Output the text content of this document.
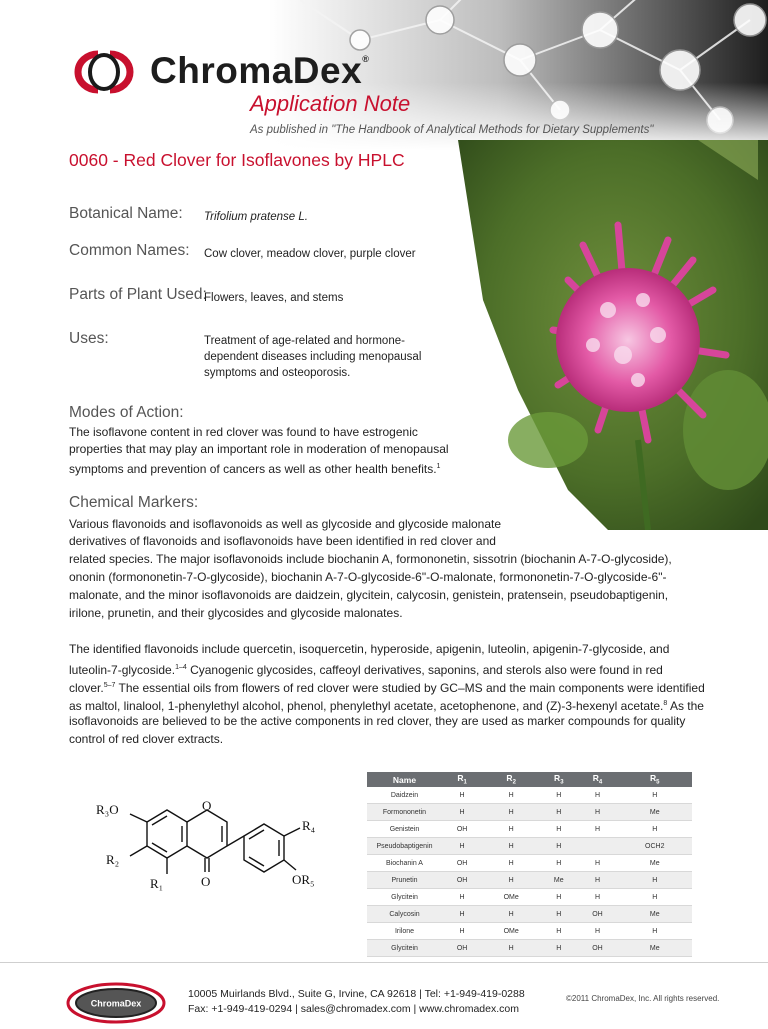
ChromaDex®
Application Note
As published in "The Handbook of Analytical Methods for Dietary Supplements"
0060 - Red Clover for Isoflavones by HPLC
Botanical Name: Trifolium pratense L.
Common Names: Cow clover, meadow clover, purple clover
Parts of Plant Used:
Flowers, leaves, and stems
Uses:	Treatment of age-related and hormone-dependent diseases including menopausal symptoms and osteoporosis.
Modes of Action:
The isoflavone content in red clover was found to have estrogenic
properties that may play an important role in moderation of menopausal
symptoms and prevention of cancers as well as other health benefits.$^1$
Chemical Markers:
Various flavonoids and isoflavonoids as well as glycoside and glycoside malonate
derivatives of flavonoids and isoflavonoids have been identified in red clover and
related species. The major isoflavonoids include biochanin A, formononetin, sissotrin (biochanin A-7-O-glycoside),
ononin (formononetin-7-O-glycoside), biochanin A-7-O-glycoside-6"-O-malonate, formononetin-7-O-glycoside-6"-
malonate, and the minor isoflavonoids are daidzein, glycitein, calycosin, genistein, pratensein, pseudobaptigenin,
irilone, prunetin, and their glycosides and glycoside malonates.
The identified flavonoids include quercetin, isoquercetin, hyperoside, apigenin, luteolin, apigenin-7-glycoside, and
luteolin-7-glycoside.$^{1-4}$ Cyanogenic glycosides, caffeoyl derivatives, saponins, and sterols also were found in red
clover.$^{5-7}$ The essential oils from flowers of red clover were studied by GC–MS and the main components were identified
as maltol, linalool, 1-phenylethyl alcohol, phenol, phenylethyl acetate, acetophenone, and (Z)-3-hexenyl acetate.$^8$ As the
isoflavonoids are believed to be the active components in red clover, they are used as marker compounds for quality
control of red clover extracts.
R₃O
R₂
R₁	O
O
R₄
OR₅
Name	$R_1$	$R_2$	$R_3$	$R_4$	$R_5$
Daidzein	H	H	H	H	H
Formononetin	H	H	H	H	Me
Genistein	OH	H	H	H	H
Pseudobaptigenin	H	H	H		OCH2
Biochanin A	OH	H	H	H	Me
Prunetin	OH	H	Me	H	H
Glycitein	H	OMe	H	H	H
Calycosin	H	H	H	OH	Me
Irilone	H	OMe	H	H	H
Glycitein	OH	H	H	OH	Me
ChromaDex
10005 Muirlands Blvd., Suite G, Irvine, CA 92618 | Tel: +1-949-419-0288
Fax: +1-949-419-0294 | sales@chromadex.com | www.chromadex.com
©2011 ChromaDex, Inc. All rights reserved.
